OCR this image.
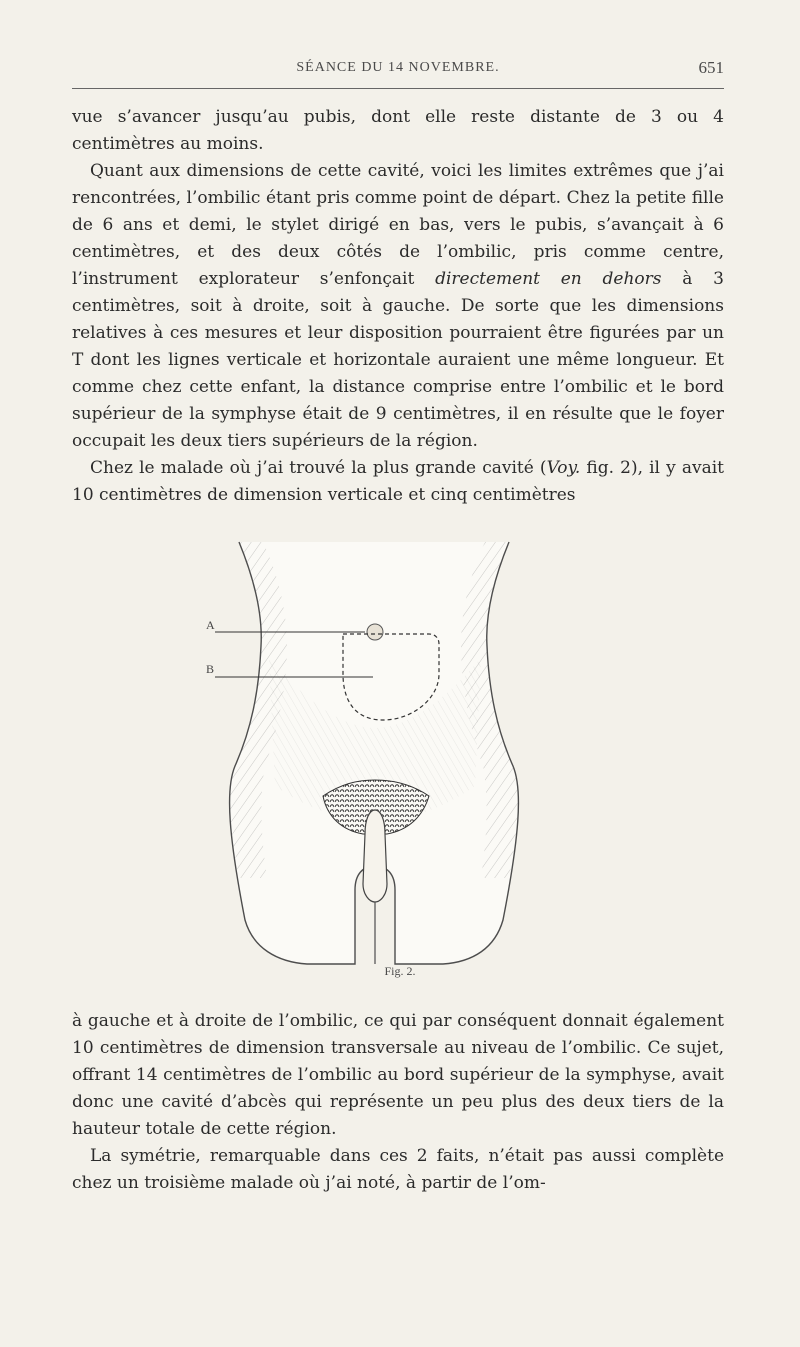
SÉANCE DU 14 NOVEMBRE.	651

vue s’avancer jusqu’au pubis, dont elle reste distante de 3 ou 4 centimètres au moins.

Quant aux dimensions de cette cavité, voici les limites extrêmes que j’ai rencontrées, l’ombilic étant pris comme point de départ. Chez la petite fille de 6 ans et demi, le stylet dirigé en bas, vers le pubis, s’avançait à 6 centimètres, et des deux côtés de l’ombilic, pris comme centre, l’instrument explorateur s’enfonçait directement en dehors à 3 centimètres, soit à droite, soit à gauche. De sorte que les dimensions relatives à ces mesures et leur disposition pourraient être figurées par un T dont les lignes verticale et horizontale auraient une même longueur. Et comme chez cette enfant, la distance comprise entre l’ombilic et le bord supérieur de la symphyse était de 9 centimètres, il en résulte que le foyer occupait les deux tiers supérieurs de la région.

Chez le malade où j’ai trouvé la plus grande cavité (Voy. fig. 2), il y avait 10 centimètres de dimension verticale et cinq centimètres

A
B
Fig. 2.

à gauche et à droite de l’ombilic, ce qui par conséquent donnait également 10 centimètres de dimension transversale au niveau de l’ombilic. Ce sujet, offrant 14 centimètres de l’ombilic au bord supérieur de la symphyse, avait donc une cavité d’abcès qui représente un peu plus des deux tiers de la hauteur totale de cette région.

La symétrie, remarquable dans ces 2 faits, n’était pas aussi complète chez un troisième malade où j’ai noté, à partir de l’om-
